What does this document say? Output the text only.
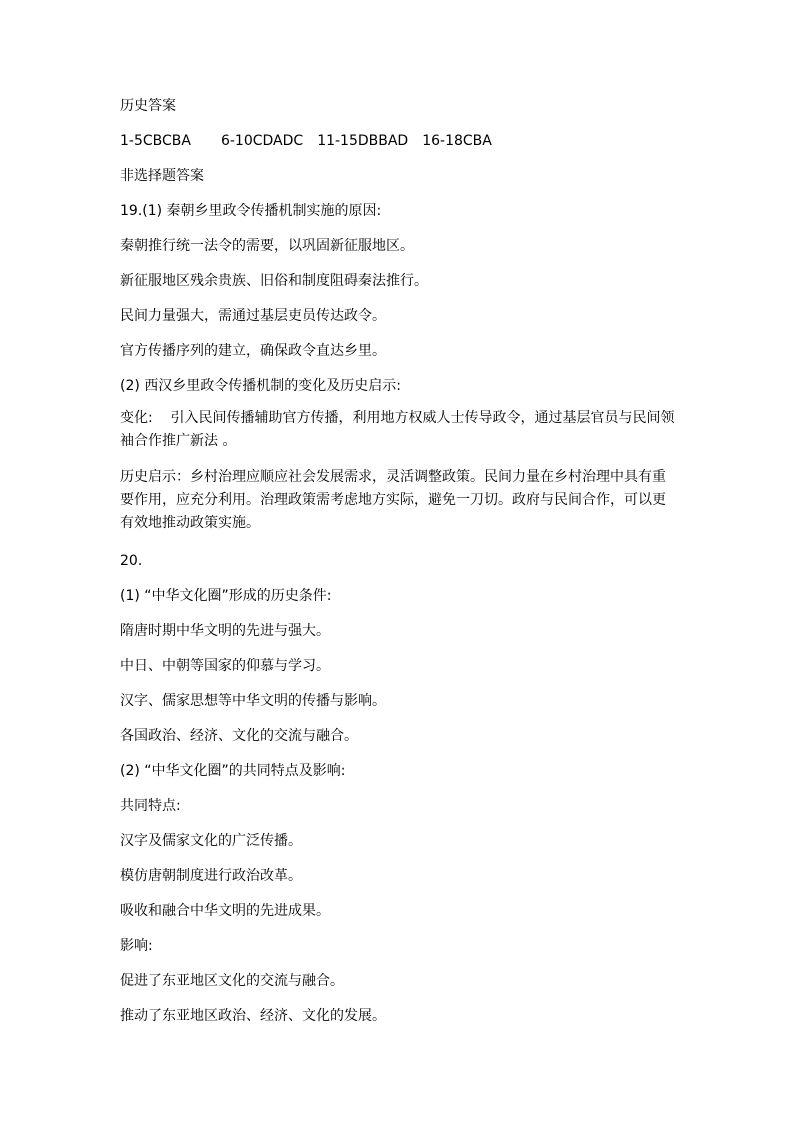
历史答案
1-5CBCBA 6-10CDADC 11-15DBBAD 16-18CBA
非选择题答案
19.(1) 秦朝乡里政令传播机制实施的原因:
秦朝推行统一法令的需要，以巩固新征服地区。
新征服地区残余贵族、旧俗和制度阻碍秦法推行。
民间力量强大，需通过基层吏员传达政令。
官方传播序列的建立，确保政令直达乡里。
(2) 西汉乡里政令传播机制的变化及历史启示:
变化:    引入民间传播辅助官方传播，利用地方权威人士传导政令，通过基层官员与民间领袖合作推广新法 。
历史启示：乡村治理应顺应社会发展需求，灵活调整政策。民间力量在乡村治理中具有重要作用，应充分利用。治理政策需考虑地方实际，避免一刀切。政府与民间合作，可以更有效地推动政策实施。
20.
(1) “中华文化圈”形成的历史条件:
隋唐时期中华文明的先进与强大。
中日、中朝等国家的仰慕与学习。
汉字、儒家思想等中华文明的传播与影响。
各国政治、经济、文化的交流与融合。
(2) “中华文化圈”的共同特点及影响:
共同特点:
汉字及儒家文化的广泛传播。
模仿唐朝制度进行政治改革。
吸收和融合中华文明的先进成果。
影响:
促进了东亚地区文化的交流与融合。
推动了东亚地区政治、经济、文化的发展。
